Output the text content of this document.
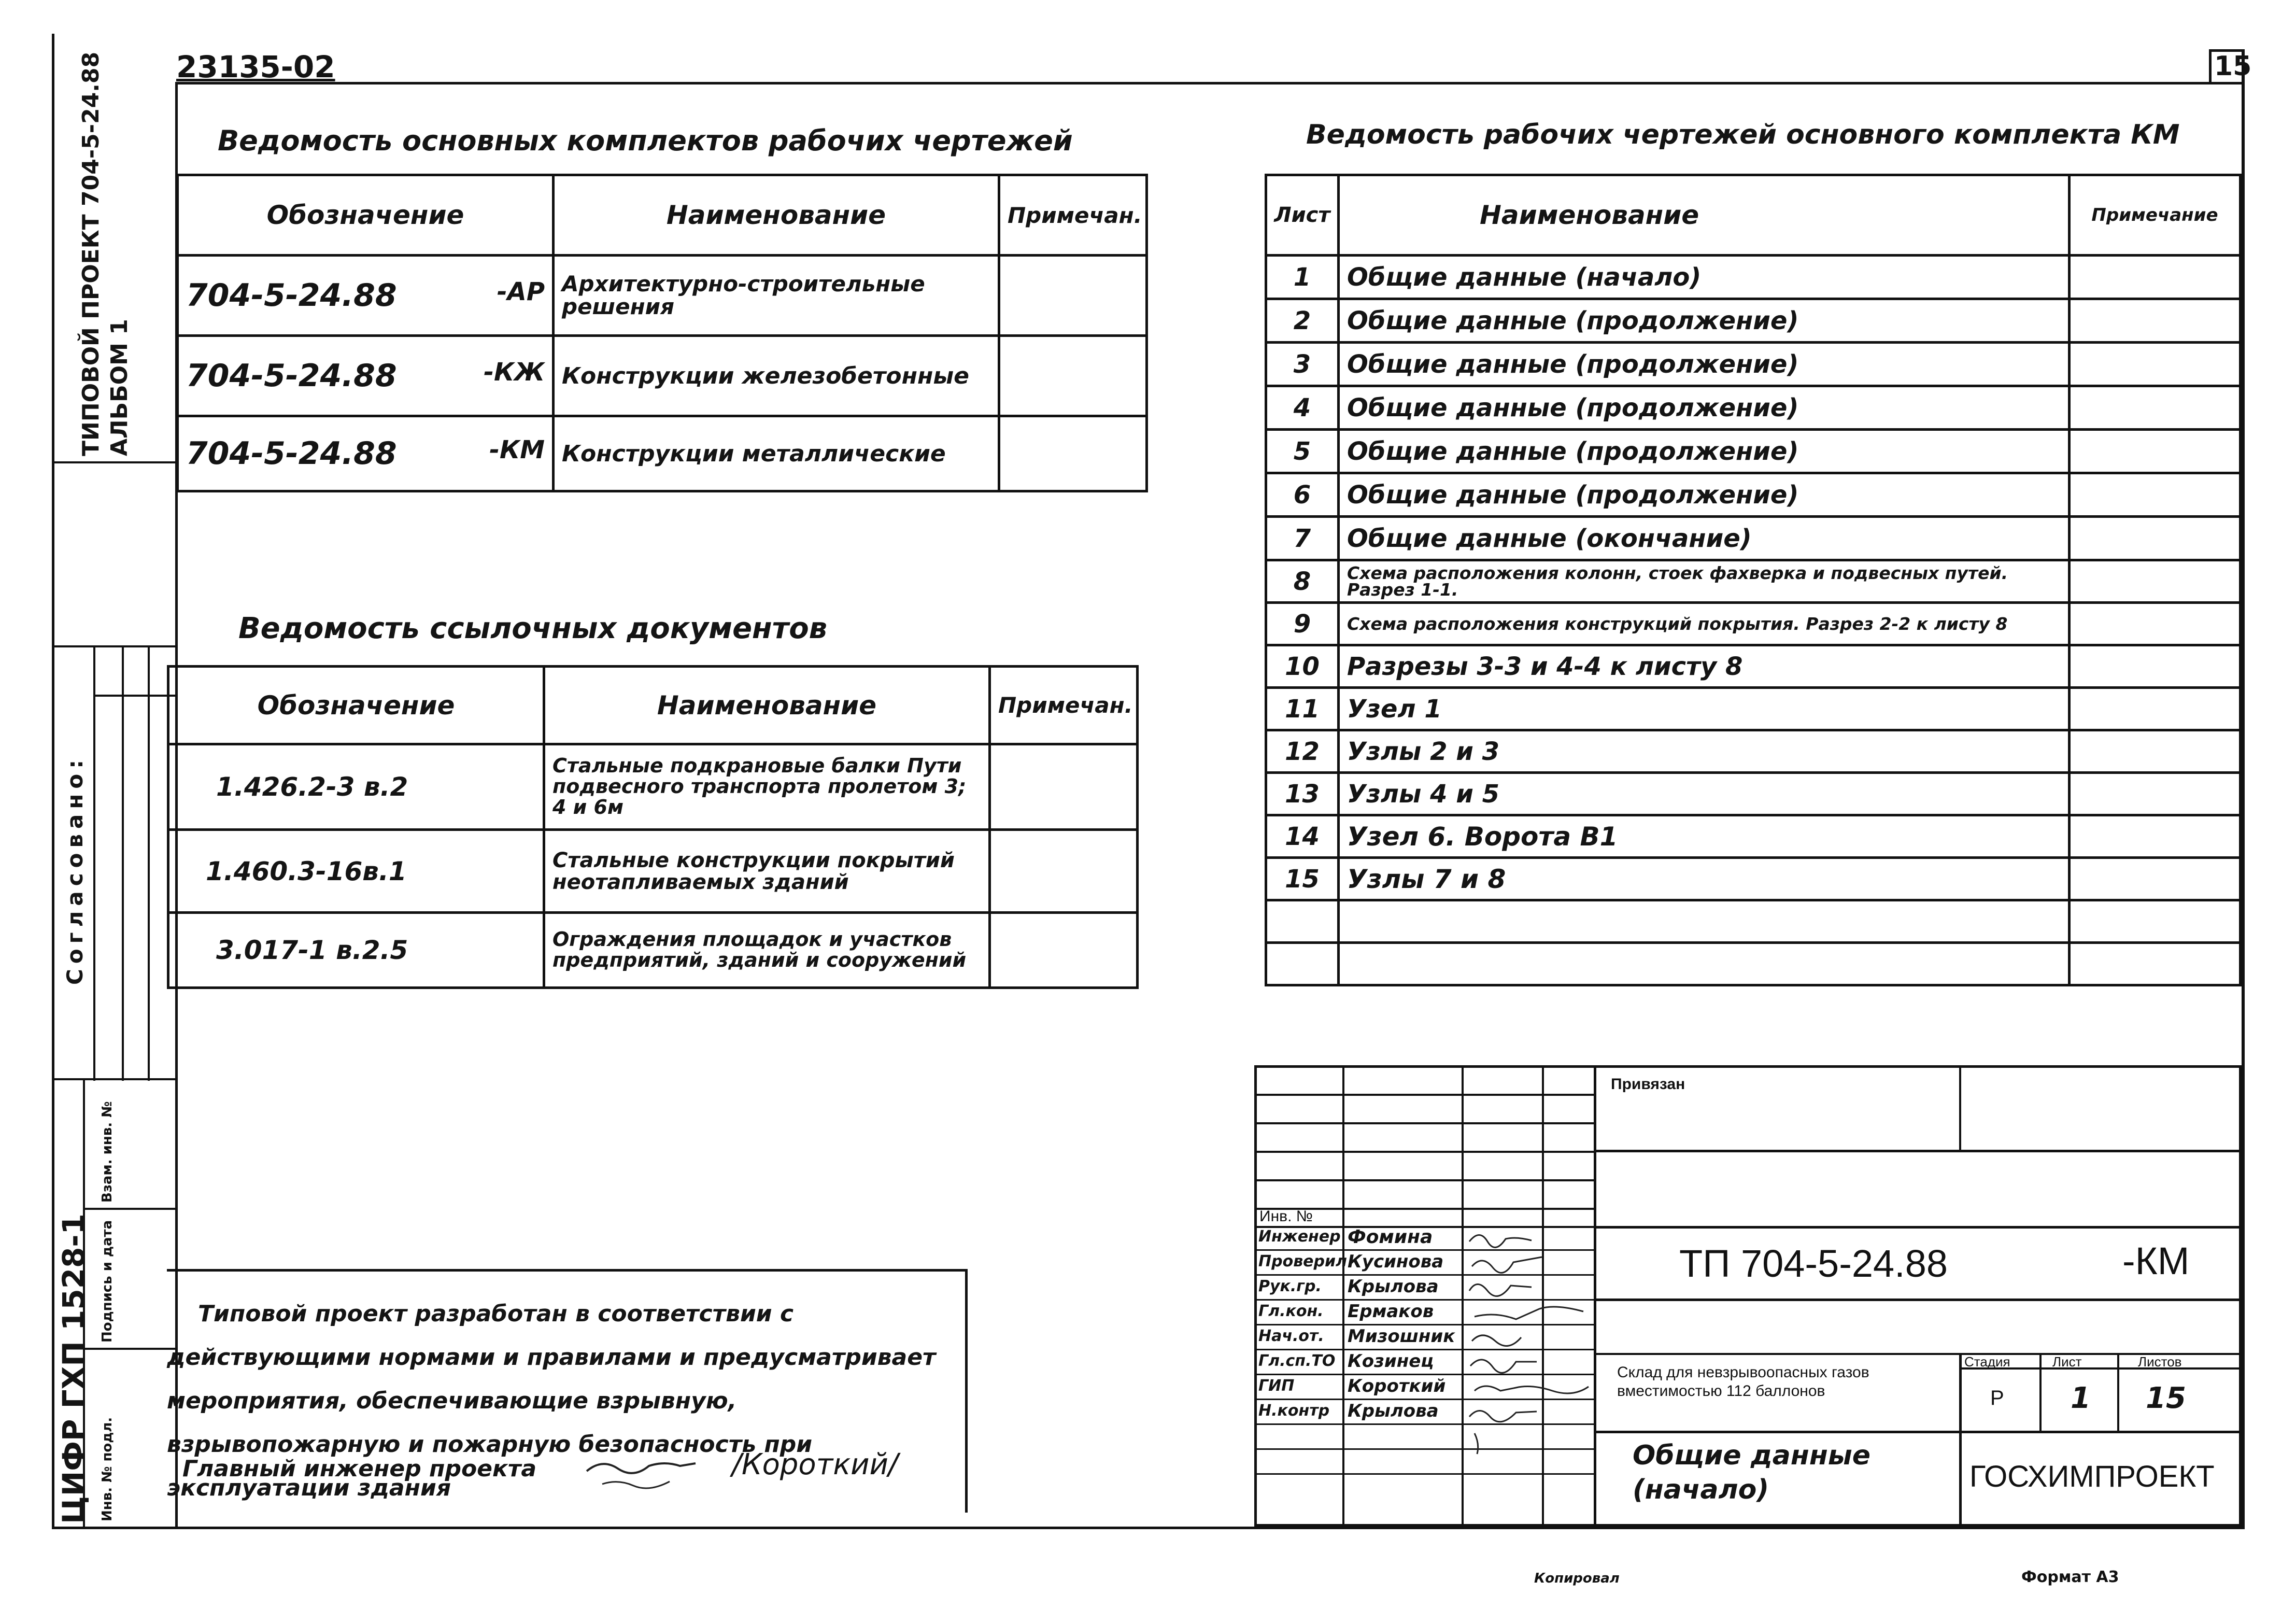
15
23135-02
ТИПОВОЙ ПРОЕКТ 704-5-24.88 АЛЬБОМ 1
Согласовано:
ЦИФР ГХП 1528-1
Взам. инв. №
Подпись и дата
Инв. № подл.
Ведомость основных комплектов рабочих чертежей
Обозначение	Наименование	Примечан.
704-5-24.88 -АР	Архитектурно-строительные решения	
704-5-24.88 -КЖ	Конструкции железобетонные	
704-5-24.88 -КМ	Конструкции металлические	
Ведомость ссылочных документов
Обозначение	Наименование	Примечан.
1.426.2-3 в.2	Стальные подкрановые балки Пути подвесного транспорта пролетом 3; 4 и 6м	
1.460.3-16в.1	Стальные конструкции покрытий неотапливаемых зданий	
3.017-1 в.2.5	Ограждения площадок и участков предприятий, зданий и сооружений	
Ведомость рабочих чертежей основного комплекта КМ
Лист	Наименование	Примечание
1	Общие данные (начало)	
2	Общие данные (продолжение)	
3	Общие данные (продолжение)	
4	Общие данные (продолжение)	
5	Общие данные (продолжение)	
6	Общие данные (продолжение)	
7	Общие данные (окончание)	
8	Схема расположения колонн, стоек фахверка и подвесных путей. Разрез 1-1.	
9	Схема расположения конструкций покрытия. Разрез 2-2 к листу 8	
10	Разрезы 3-3 и 4-4 к листу 8	
11	Узел 1	
12	Узлы 2 и 3	
13	Узлы 4 и 5	
14	Узел 6. Ворота В1	
15	Узлы 7 и 8	

Типовой проект разработан в соответствии с действующими нормами и правилами и предусматривает мероприятия, обеспечивающие взрывную, взрывопожарную и пожарную безопасность при эксплуатации здания
Главный инженер проекта	/Короткий/
Привязан
Инв. №
ТП 704-5-24.88	-КМ
Склад для невзрывоопасных газов вместимостью 112 баллонов
Общие данные (начало)	ГОСХИМПРОЕКТ
Стадия	Лист	Листов
Р 1 15
Инженер Фомина
Проверил Кусинова
Рук.гр. Крылова
Гл.кон. Ермаков
Нач.от. Мизошник
Гл.сп.ТО Козинец
ГИП	Короткий
Н.контр Крылова
Копировал	Формат А3
